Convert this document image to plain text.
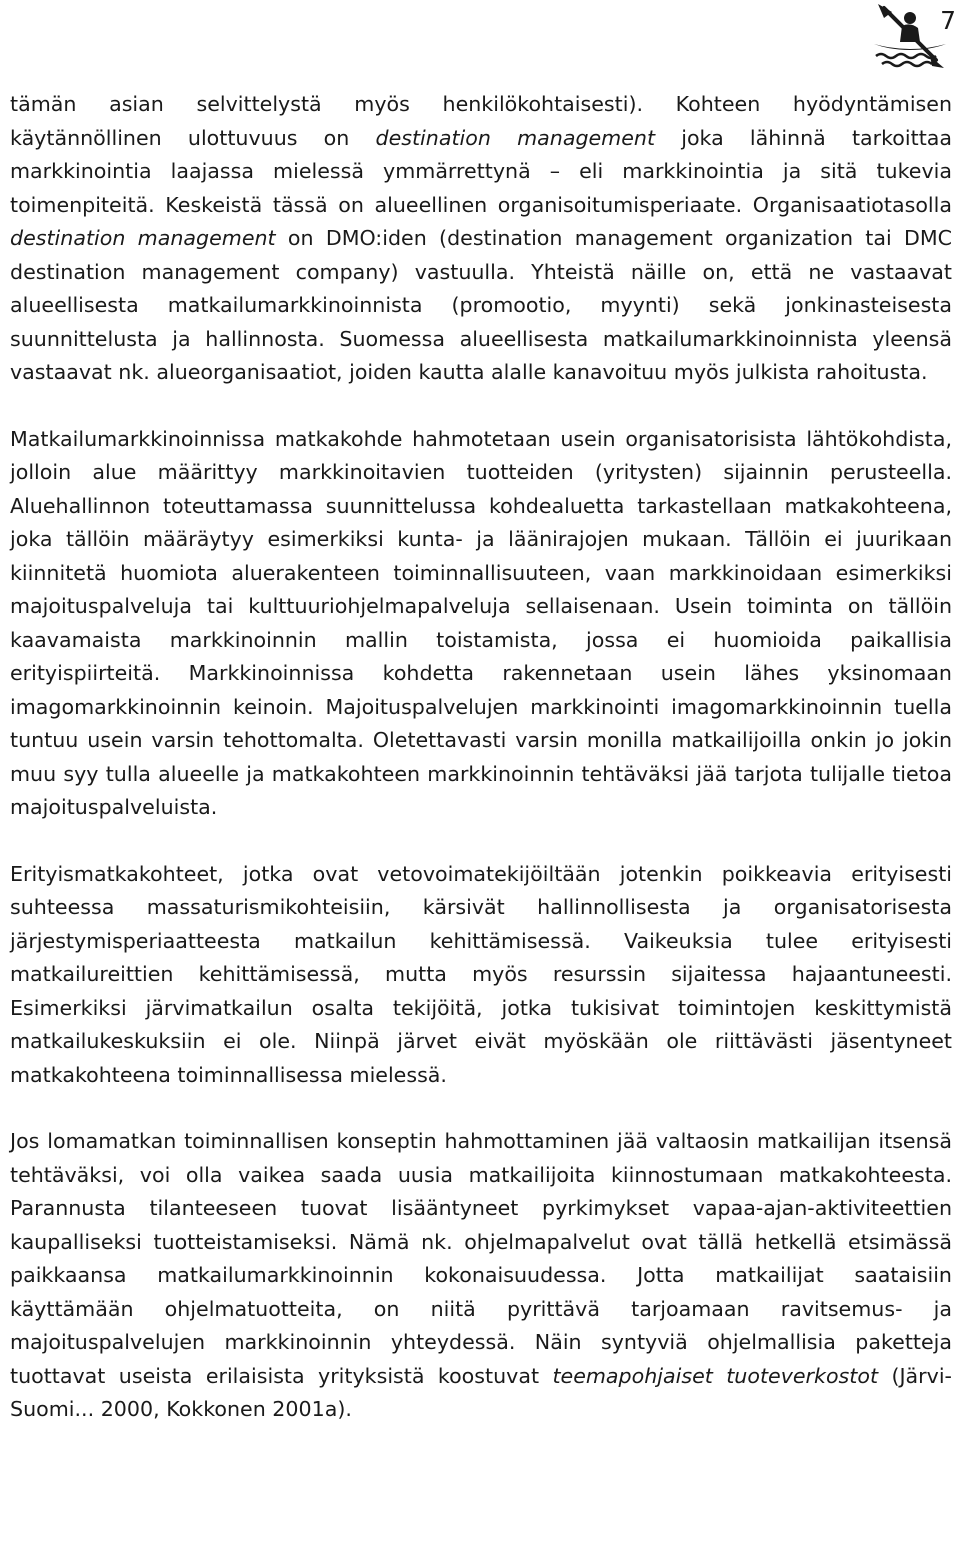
7

tämän asian selvittelystä myös henkilökohtaisesti). Kohteen hyödyntämisen käytännöllinen ulottuvuus on destination management joka lähinnä tarkoittaa markkinointia laajassa mielessä ymmärrettynä – eli markkinointia ja sitä tukevia toimenpiteitä. Keskeistä tässä on alueellinen organisoitumisperiaate. Organisaatiotasolla destination management on DMO:iden (destination management organization tai DMC destination management company) vastuulla. Yhteistä näille on, että ne vastaavat alueellisesta matkailumarkkinoinnista (promootio, myynti) sekä jonkinasteisesta suunnittelusta ja hallinnosta. Suomessa alueellisesta matkailumarkkinoinnista yleensä vastaavat nk. alueorganisaatiot, joiden kautta alalle kanavoituu myös julkista rahoitusta.

Matkailumarkkinoinnissa matkakohde hahmotetaan usein organisatorisista lähtökohdista, jolloin alue määrittyy markkinoitavien tuotteiden (yritysten) sijainnin perusteella. Aluehallinnon toteuttamassa suunnittelussa kohdealuetta tarkastellaan matkakohteena, joka tällöin määräytyy esimerkiksi kunta- ja läänirajojen mukaan. Tällöin ei juurikaan kiinnitetä huomiota aluerakenteen toiminnallisuuteen, vaan markkinoidaan esimerkiksi majoituspalveluja tai kulttuuriohjelmapalveluja sellaisenaan. Usein toiminta on tällöin kaavamaista markkinoinnin mallin toistamista, jossa ei huomioida paikallisia erityispiirteitä. Markkinoinnissa kohdetta rakennetaan usein lähes yksinomaan imagomarkkinoinnin keinoin. Majoituspalvelujen markkinointi imagomarkkinoinnin tuella tuntuu usein varsin tehottomalta. Oletettavasti varsin monilla matkailijoilla onkin jo jokin muu syy tulla alueelle ja matkakohteen markkinoinnin tehtäväksi jää tarjota tulijalle tietoa majoituspalveluista.

Erityismatkakohteet, jotka ovat vetovoimatekijöiltään jotenkin poikkeavia erityisesti suhteessa massaturismikohteisiin, kärsivät hallinnollisesta ja organisatorisesta järjestymisperiaatteesta matkailun kehittämisessä. Vaikeuksia tulee erityisesti matkailureittien kehittämisessä, mutta myös resurssin sijaitessa hajaantuneesti. Esimerkiksi järvimatkailun osalta tekijöitä, jotka tukisivat toimintojen keskittymistä matkailukeskuksiin ei ole. Niinpä järvet eivät myöskään ole riittävästi jäsentyneet matkakohteena toiminnallisessa mielessä.

Jos lomamatkan toiminnallisen konseptin hahmottaminen jää valtaosin matkailijan itsensä tehtäväksi, voi olla vaikea saada uusia matkailijoita kiinnostumaan matkakohteesta. Parannusta tilanteeseen tuovat lisääntyneet pyrkimykset vapaa-ajan-aktiviteettien kaupalliseksi tuotteistamiseksi. Nämä nk. ohjelmapalvelut ovat tällä hetkellä etsimässä paikkaansa matkailumarkkinoinnin kokonaisuudessa. Jotta matkailijat saataisiin käyttämään ohjelmatuotteita, on niitä pyrittävä tarjoamaan ravitsemus- ja majoituspalvelujen markkinoinnin yhteydessä. Näin syntyviä ohjelmallisia paketteja tuottavat useista erilaisista yrityksistä koostuvat teemapohjaiset tuoteverkostot (Järvi-Suomi... 2000, Kokkonen 2001a).
